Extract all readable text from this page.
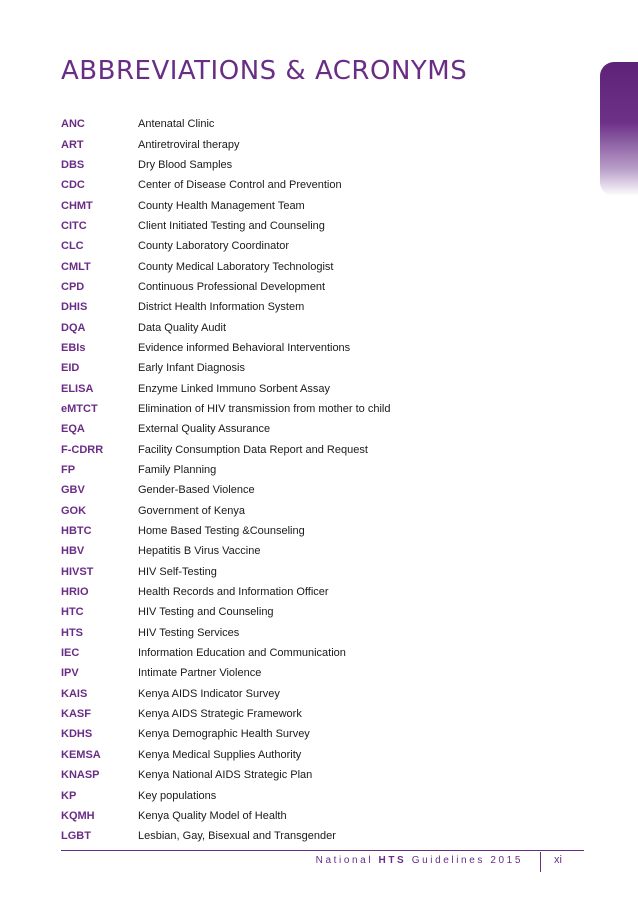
ABBREVIATIONS & ACRONYMS
ANC	Antenatal Clinic
ART	Antiretroviral therapy
DBS	Dry Blood Samples
CDC	Center of Disease Control and Prevention
CHMT	County Health Management Team
CITC	Client Initiated Testing and Counseling
CLC	County Laboratory Coordinator
CMLT	County Medical Laboratory Technologist
CPD	Continuous Professional Development
DHIS	District Health Information System
DQA	Data Quality Audit
EBIs	Evidence informed Behavioral Interventions
EID	Early Infant Diagnosis
ELISA	Enzyme Linked Immuno Sorbent Assay
eMTCT	Elimination of HIV transmission from mother to child
EQA	External Quality Assurance
F-CDRR	Facility Consumption Data Report and Request
FP	Family Planning
GBV	Gender-Based Violence
GOK	Government of Kenya
HBTC	Home Based Testing &Counseling
HBV	Hepatitis B Virus Vaccine
HIVST	HIV Self-Testing
HRIO	Health Records and Information Officer
HTC	HIV Testing and Counseling
HTS	HIV Testing Services
IEC	Information Education and Communication
IPV	Intimate Partner Violence
KAIS	Kenya AIDS Indicator Survey
KASF	Kenya AIDS Strategic Framework
KDHS	Kenya Demographic Health Survey
KEMSA	Kenya Medical Supplies Authority
KNASP	Kenya National AIDS Strategic Plan
KP	Key populations
KQMH	Kenya Quality Model of Health
LGBT	Lesbian, Gay, Bisexual and Transgender
National HTS Guidelines 2015	xi
